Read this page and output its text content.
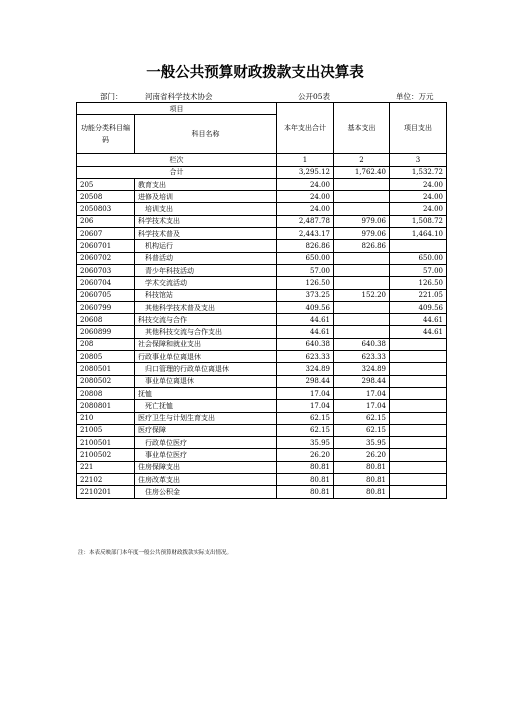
一般公共预算财政拨款支出决算表
部门：	河南省科学技术协会	公开05表	单位：万元
项目		本年支出合计	基本支出	项目支出
功能分类科目编码	科目名称			

栏次		1	2	3
合计		3,295.12	1,762.40	1,532.72
205	教育支出	24.00		24.00
20508	进修及培训	24.00		24.00
2050803	培训支出	24.00		24.00
206	科学技术支出	2,487.78	979.06	1,508.72
20607	科学技术普及	2,443.17	979.06	1,464.10
2060701	机构运行	826.86	826.86	
2060702	科普活动	650.00		650.00
2060703	青少年科技活动	57.00		57.00
2060704	学术交流活动	126.50		126.50
2060705	科技馆站	373.25	152.20	221.05
2060799	其他科学技术普及支出	409.56		409.56
20608	科技交流与合作	44.61		44.61
2060899	其他科技交流与合作支出	44.61		44.61
208	社会保障和就业支出	640.38	640.38	
20805	行政事业单位离退休	623.33	623.33	
2080501	归口管理的行政单位离退休	324.89	324.89	
2080502	事业单位离退休	298.44	298.44	
20808	抚恤	17.04	17.04	
2080801	死亡抚恤	17.04	17.04	
210	医疗卫生与计划生育支出	62.15	62.15	
21005	医疗保障	62.15	62.15	
2100501	行政单位医疗	35.95	35.95	
2100502	事业单位医疗	26.20	26.20	
221	住房保障支出	80.81	80.81	
22102	住房改革支出	80.81	80.81	
2210201	住房公积金	80.81	80.81	
注：本表反映部门本年度一般公共预算财政拨款实际支出情况。
